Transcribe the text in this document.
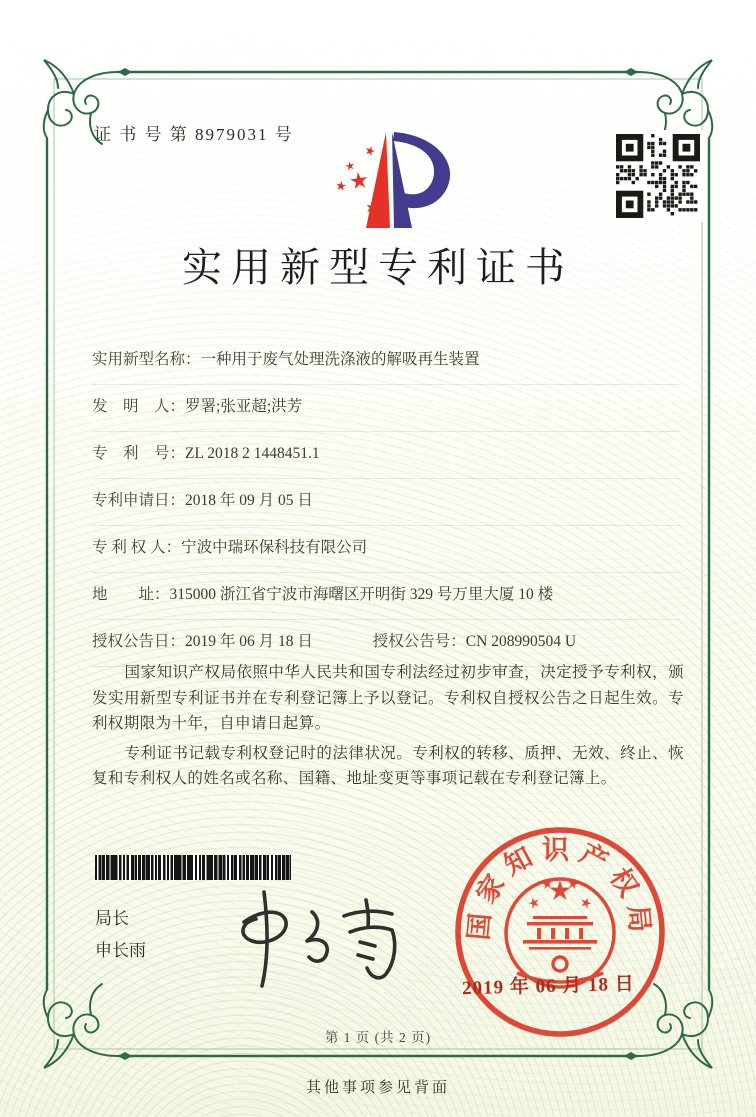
证 书 号 第 8979031 号
实用新型专利证书
实用新型名称：一种用于废气处理洗涤液的解吸再生装置
发　明　人：罗署;张亚超;洪芳
专　利　号：ZL 2018 2 1448451.1
专利申请日：2018 年 09 月 05 日
专 利 权 人：宁波中瑞环保科技有限公司
地　　址：315000 浙江省宁波市海曙区开明街 329 号万里大厦 10 楼
授权公告日：2019 年 06 月 18 日	授权公告号：CN 208990504 U

国家知识产权局依照中华人民共和国专利法经过初步审查，决定授予专利权，颁发实用新型专利证书并在专利登记簿上予以登记。专利权自授权公告之日起生效。专利权期限为十年，自申请日起算。

专利证书记载专利权登记时的法律状况。专利权的转移、质押、无效、终止、恢复和专利权人的姓名或名称、国籍、地址变更等事项记载在专利登记簿上。

局长
申长雨
国家知识产权局
2019 年 06 月 18 日
第 1 页 (共 2 页)
其他事项参见背面
